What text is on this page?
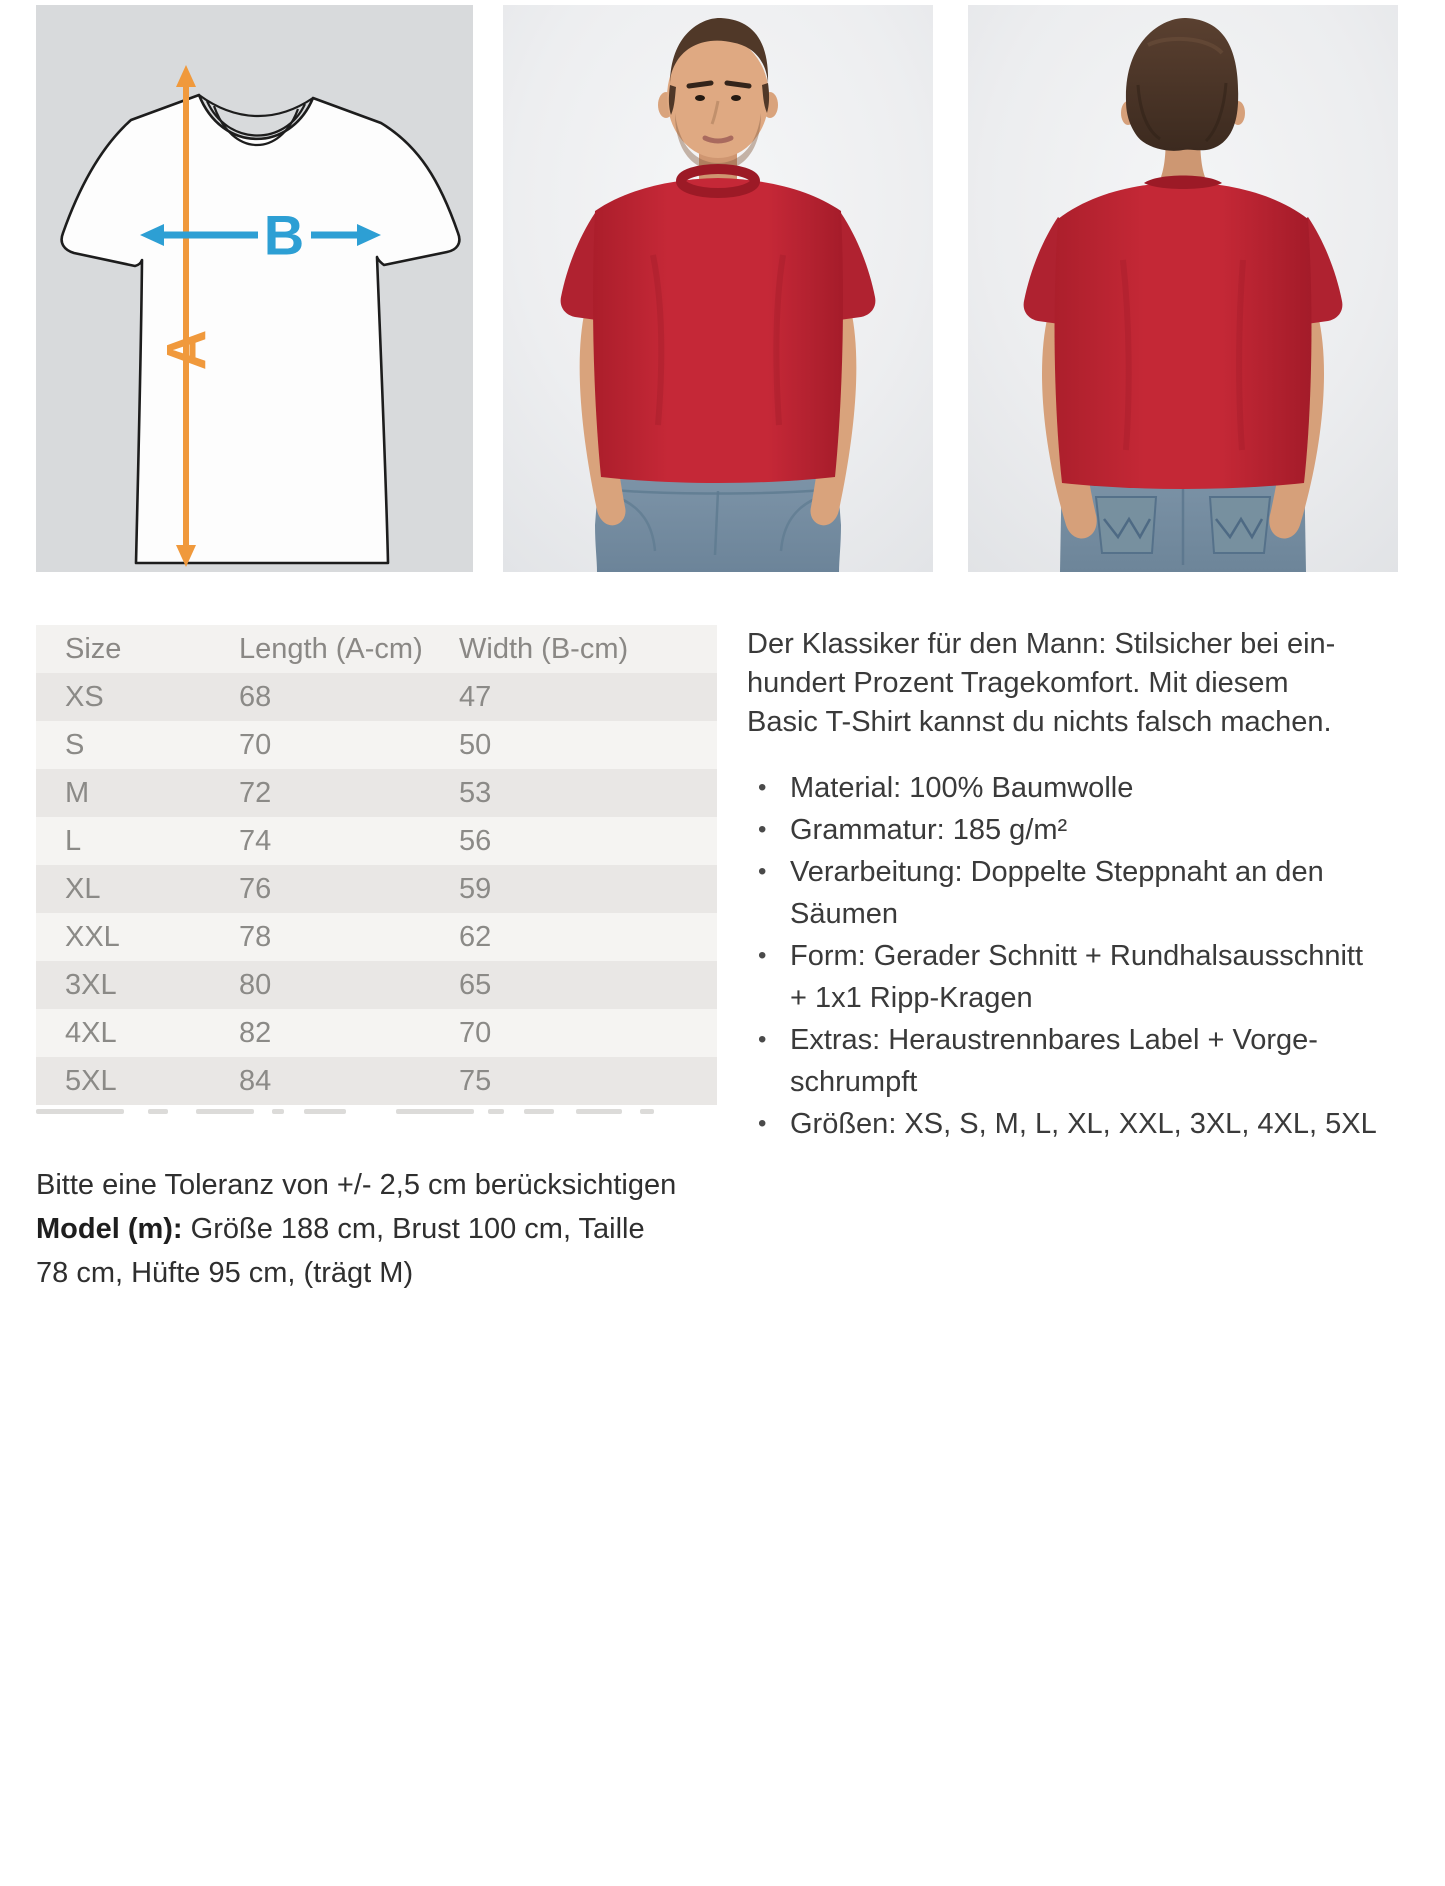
A
B
Size	Length (A-cm)	Width (B-cm)
XS	68	47
S	70	50
M	72	53
L	74	56
XL	76	59
XXL	78	62
3XL	80	65
4XL	82	70
5XL	84	75
Bitte eine Toleranz von +/- 2,5 cm berücksichtigen
Model (m): Größe 188 cm, Brust 100 cm, Taille
78 cm, Hüfte 95 cm, (trägt M)
Der Klassiker für den Mann: Stilsicher bei ein-
hundert Prozent Tragekomfort. Mit diesem
Basic T-Shirt kannst du nichts falsch machen.
• Material: 100% Baumwolle
• Grammatur: 185 g/m²
• Verarbeitung: Doppelte Steppnaht an den
Säumen
• Form: Gerader Schnitt + Rundhalsausschnitt
+ 1x1 Ripp-Kragen
• Extras: Heraustrennbares Label + Vorge-
schrumpft
• Größen: XS, S, M, L, XL, XXL, 3XL, 4XL, 5XL
